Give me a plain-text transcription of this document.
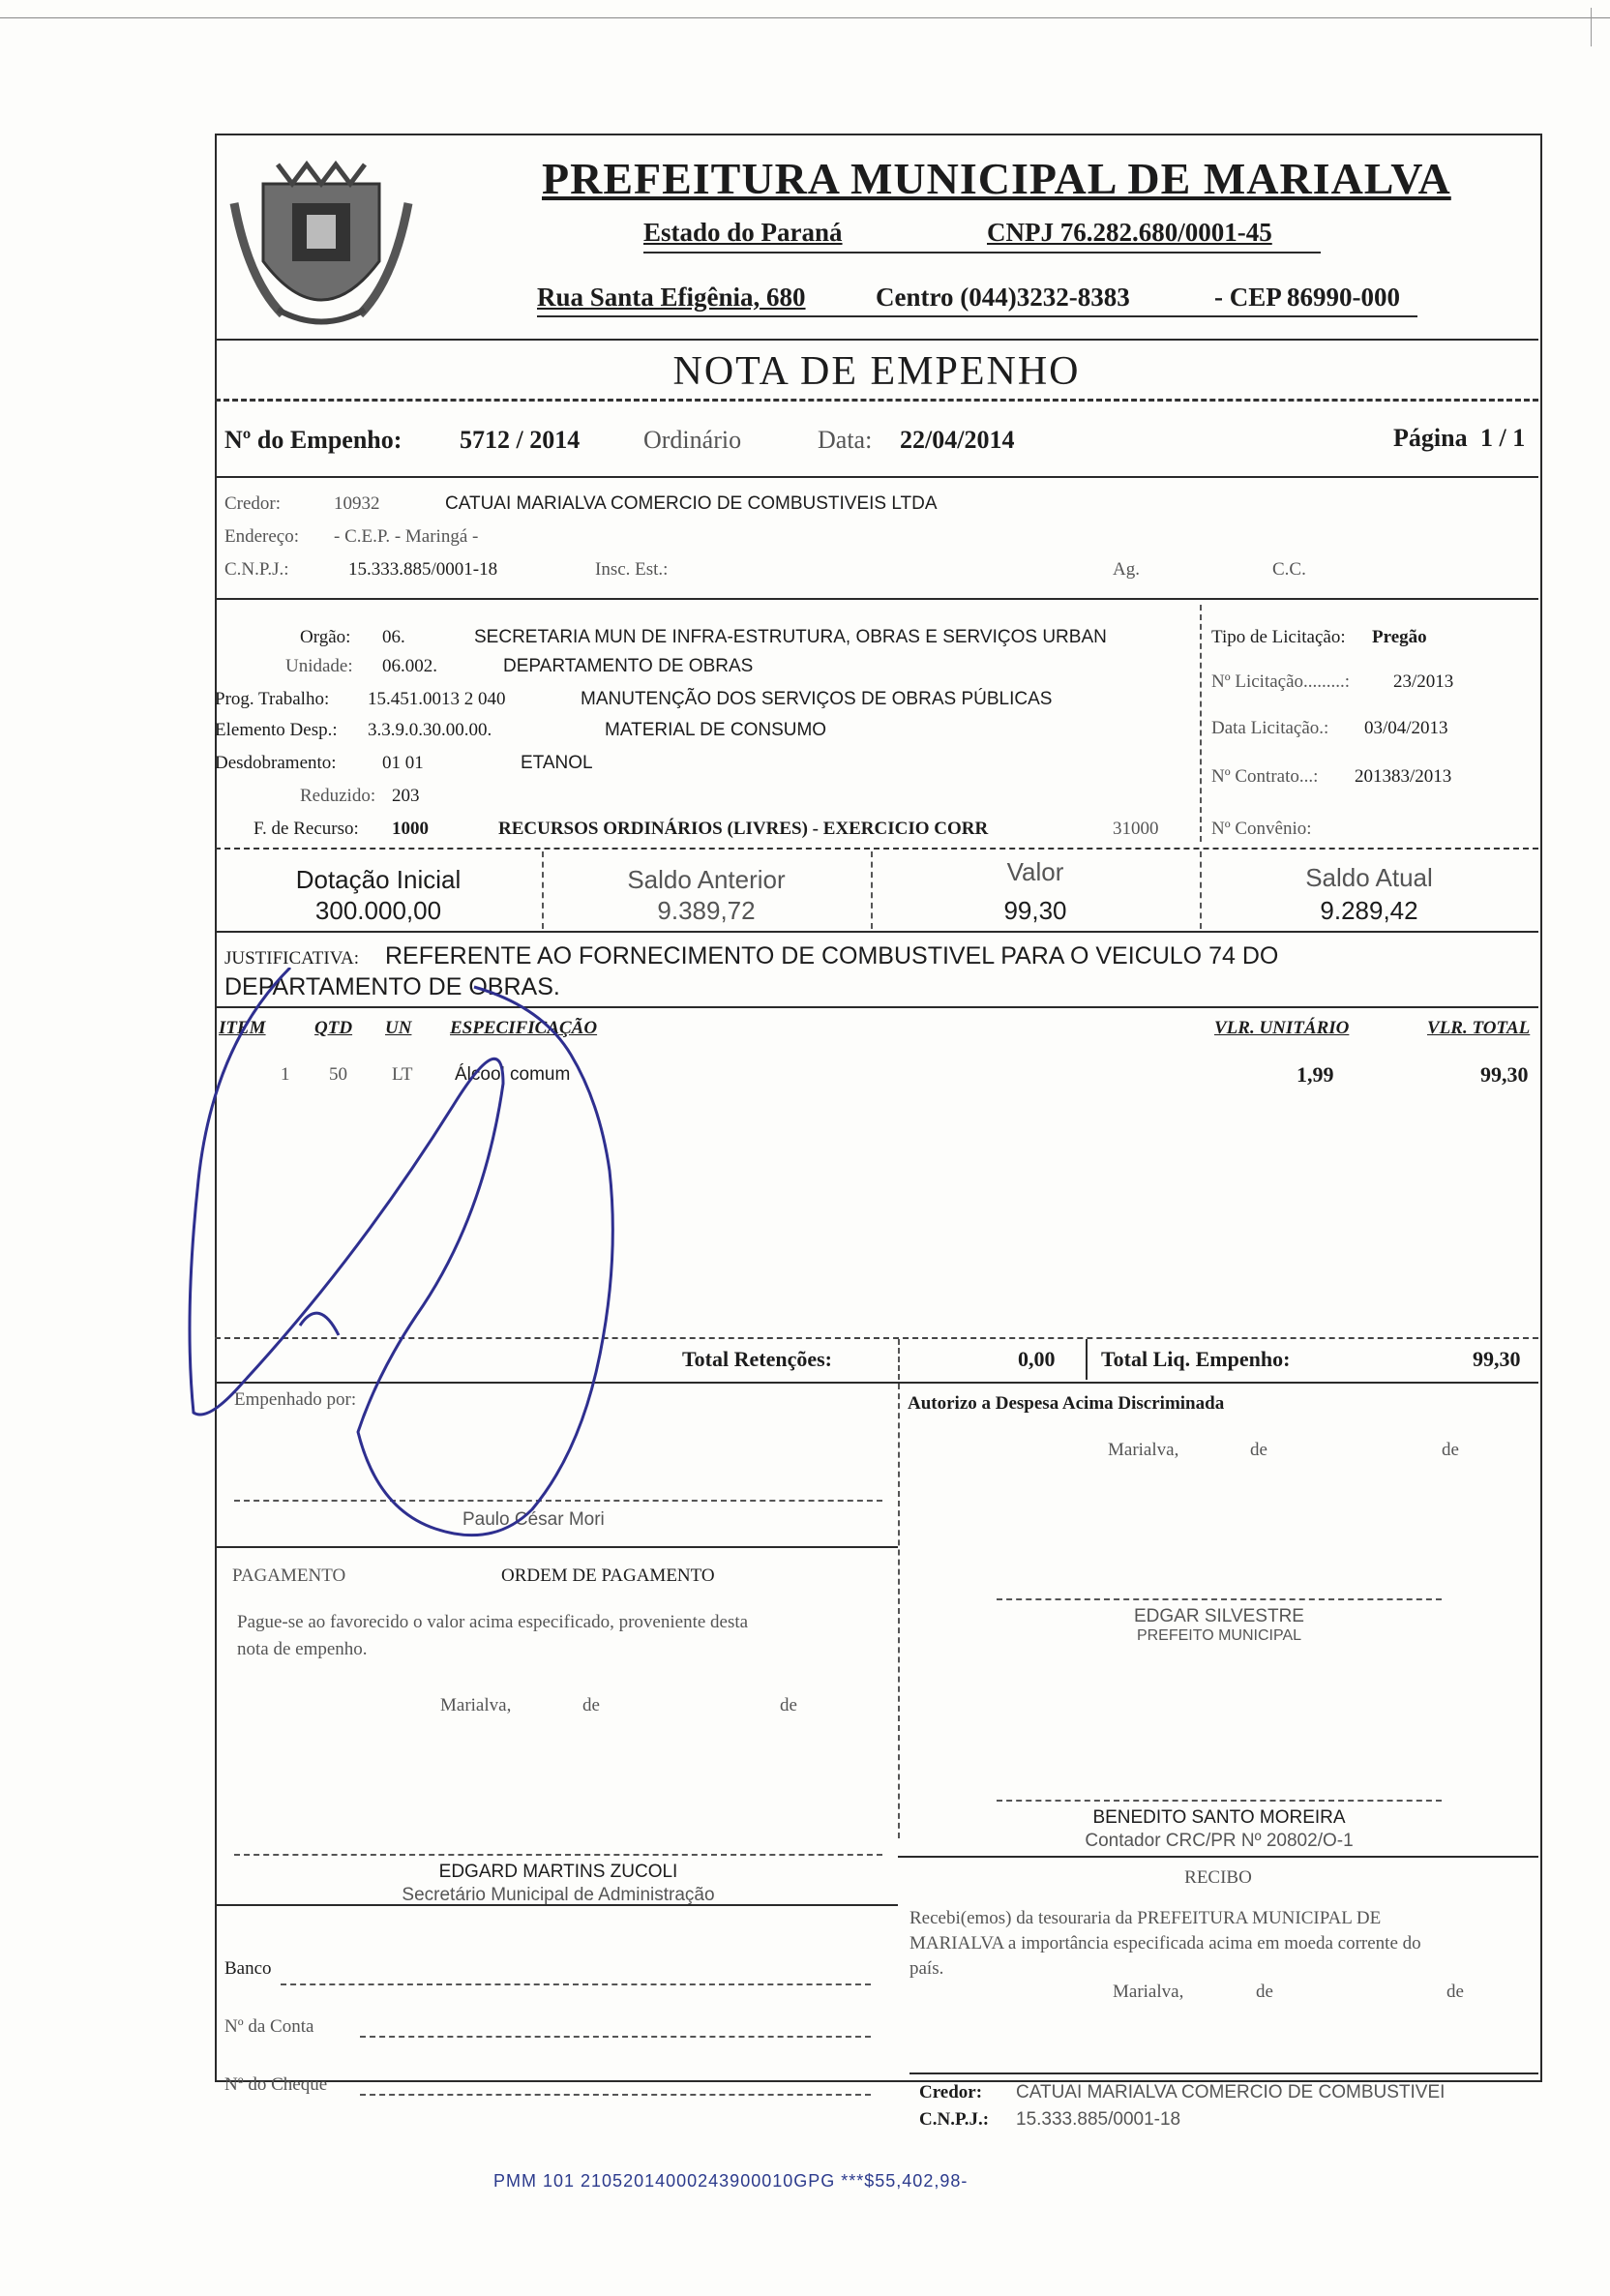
PREFEITURA MUNICIPAL DE MARIALVA
Estado do Paraná	CNPJ 76.282.680/0001-45
Rua Santa Efigênia, 680	Centro (044)3232-8383	- CEP 86990-000
NOTA DE EMPENHO
Nº do Empenho: 5712 / 2014	Ordinário	Data: 22/04/2014	Página 1 / 1
Credor:	10932	CATUAI MARIALVA COMERCIO DE COMBUSTIVEIS LTDA
Endereço: - C.E.P. - Maringá -
C.N.P.J.:	15.333.885/0001-18	Insc. Est.:	Ag.	C.C.
Orgão: 06.	SECRETARIA MUN DE INFRA-ESTRUTURA, OBRAS E SERVIÇOS URBAN
Unidade: 06.002.	DEPARTAMENTO DE OBRAS
Prog. Trabalho: 15.451.0013 2 040	MANUTENÇÃO DOS SERVIÇOS DE OBRAS PÚBLICAS
Elemento Desp.: 3.3.9.0.30.00.00.	MATERIAL DE CONSUMO
Desdobramento: 01 01	ETANOL
Reduzido: 203
F. de Recurso: 1000	RECURSOS ORDINÁRIOS (LIVRES) - EXERCICIO CORR	31000
Tipo de Licitação: Pregão
Nº Licitação.........: 23/2013
Data Licitação.: 03/04/2013
Nº Contrato...: 201383/2013
Nº Convênio:
Dotação Inicial
300.000,00
Saldo Anterior
9.389,72
Valor
99,30
Saldo Atual
9.289,42
JUSTIFICATIVA: REFERENTE AO FORNECIMENTO DE COMBUSTIVEL PARA O VEICULO 74 DO
DEPARTAMENTO DE OBRAS.
ITEM	QTD UN ESPECIFICAÇÃO	VLR. UNITÁRIO	VLR. TOTAL
1 50 LT Álcool comum	1,99	99,30
Total Retenções:	0,00 Total Liq. Empenho:	99,30
Empenhado por:
Paulo César Mori
Autorizo a Despesa Acima Discriminada
Marialva,	de	de
PAGAMENTO	ORDEM DE PAGAMENTO
Pague-se ao favorecido o valor acima especificado, proveniente desta
nota de empenho.
Marialva,	de	de
EDGAR SILVESTRE
PREFEITO MUNICIPAL
BENEDITO SANTO MOREIRA
Contador CRC/PR Nº 20802/O-1
EDGARD MARTINS ZUCOLI
Secretário Municipal de Administração
RECIBO
Recebi(emos) da tesouraria da PREFEITURA MUNICIPAL DE
MARIALVA a importância especificada acima em moeda corrente do
país.
Marialva,	de	de
Banco
Nº da Conta
Nº do Cheque	Credor: CATUAI MARIALVA COMERCIO DE COMBUSTIVEI
C.N.P.J.: 15.333.885/0001-18
PMM 101 21052014000243900010GPG ***$55,402,98-
